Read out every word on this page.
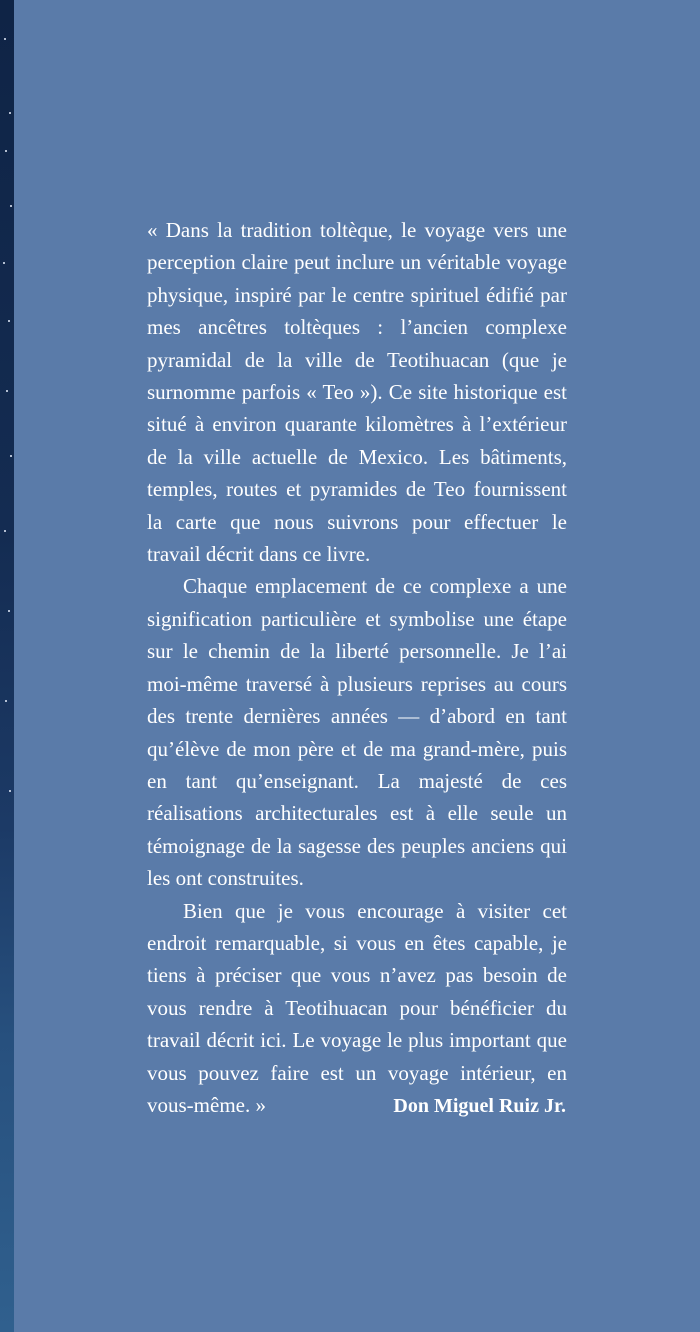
« Dans la tradition toltèque, le voyage vers une perception claire peut inclure un véritable voyage physique, inspiré par le centre spirituel édifié par mes ancêtres toltèques : l’ancien complexe pyramidal de la ville de Teotihuacan (que je surnomme parfois « Teo »). Ce site historique est situé à environ quarante kilomètres à l’extérieur de la ville actuelle de Mexico. Les bâtiments, temples, routes et pyramides de Teo fournissent la carte que nous suivrons pour effectuer le travail décrit dans ce livre.

Chaque emplacement de ce complexe a une signification particulière et symbolise une étape sur le chemin de la liberté personnelle. Je l’ai moi-même traversé à plusieurs reprises au cours des trente dernières années — d’abord en tant qu’élève de mon père et de ma grand-mère, puis en tant qu’enseignant. La majesté de ces réalisations architecturales est à elle seule un témoignage de la sagesse des peuples anciens qui les ont construites.

Bien que je vous encourage à visiter cet endroit remarquable, si vous en êtes capable, je tiens à préciser que vous n’avez pas besoin de vous rendre à Teotihuacan pour bénéficier du travail décrit ici. Le voyage le plus important que vous pouvez faire est un voyage intérieur, en vous-même. »	Don Miguel Ruiz Jr.
